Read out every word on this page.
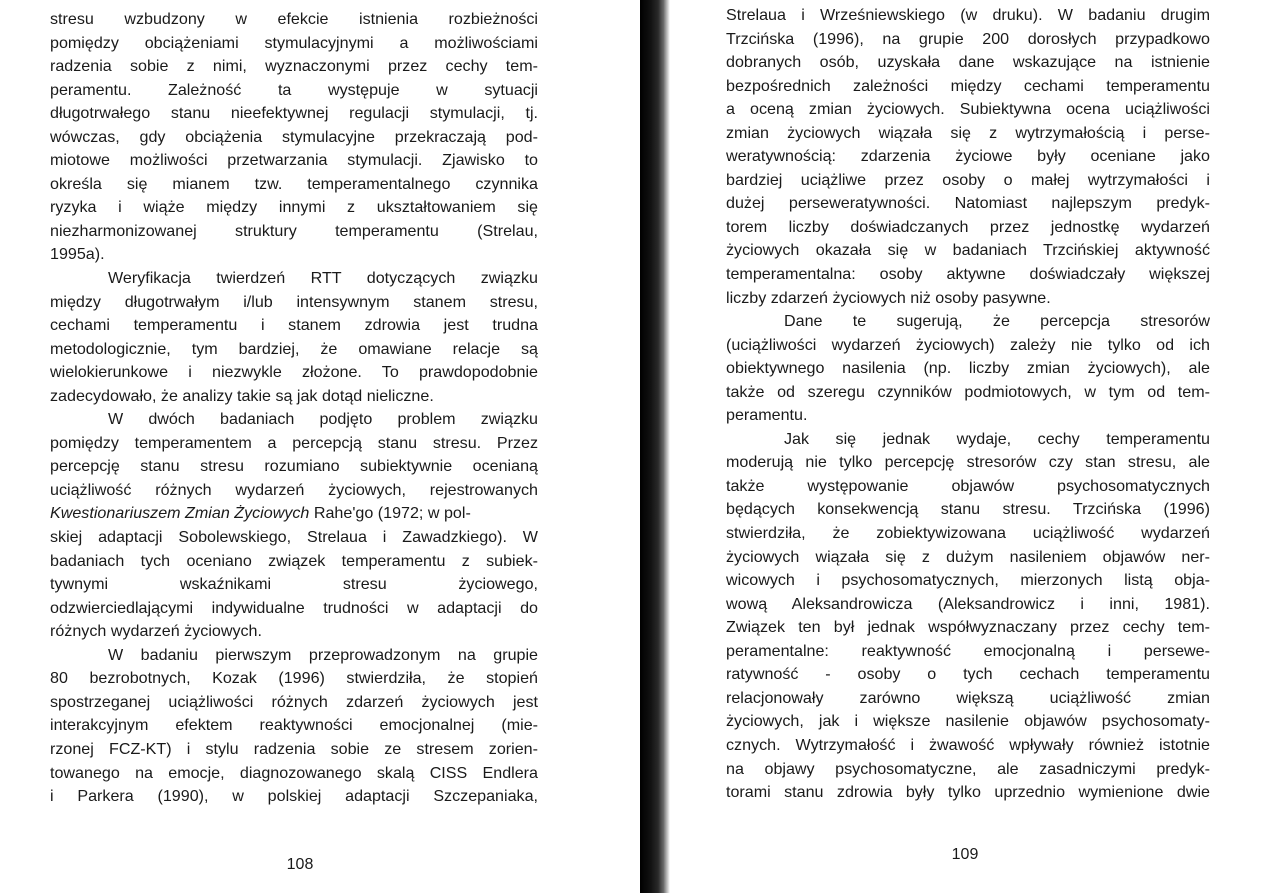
stresu wzbudzony w efekcie istnienia rozbieżności
pomiędzy obciążeniami stymulacyjnymi a możliwościami
radzenia sobie z nimi, wyznaczonymi przez cechy tem-
peramentu. Zależność ta występuje w sytuacji
długotrwałego stanu nieefektywnej regulacji stymulacji, tj.
wówczas, gdy obciążenia stymulacyjne przekraczają pod-
miotowe możliwości przetwarzania stymulacji. Zjawisko to
określa się mianem tzw. temperamentalnego czynnika
ryzyka i wiąże między innymi z ukształtowaniem się
niezharmonizowanej struktury temperamentu (Strelau,
1995a).
Weryfikacja twierdzeń RTT dotyczących związku
między długotrwałym i/lub intensywnym stanem stresu,
cechami temperamentu i stanem zdrowia jest trudna
metodologicznie, tym bardziej, że omawiane relacje są
wielokierunkowe i niezwykle złożone. To prawdopodobnie
zadecydowało, że analizy takie są jak dotąd nieliczne.
W dwóch badaniach podjęto problem związku
pomiędzy temperamentem a percepcją stanu stresu. Przez
percepcję stanu stresu rozumiano subiektywnie ocenianą
uciążliwość różnych wydarzeń życiowych, rejestrowanych
Kwestionariuszem Zmian Życiowych Rahe'go (1972; w pol-
skiej adaptacji Sobolewskiego, Strelaua i Zawadzkiego). W
badaniach tych oceniano związek temperamentu z subiek-
tywnymi wskaźnikami stresu życiowego,
odzwierciedlającymi indywidualne trudności w adaptacji do
różnych wydarzeń życiowych.
W badaniu pierwszym przeprowadzonym na grupie
80 bezrobotnych, Kozak (1996) stwierdziła, że stopień
spostrzeganej uciążliwości różnych zdarzeń życiowych jest
interakcyjnym efektem reaktywności emocjonalnej (mie-
rzonej FCZ-KT) i stylu radzenia sobie ze stresem zorien-
towanego na emocje, diagnozowanego skalą CISS Endlera
i Parkera (1990), w polskiej adaptacji Szczepaniaka,
108
Strelaua i Wrześniewskiego (w druku). W badaniu drugim
Trzcińska (1996), na grupie 200 dorosłych przypadkowo
dobranych osób, uzyskała dane wskazujące na istnienie
bezpośrednich zależności między cechami temperamentu
a oceną zmian życiowych. Subiektywna ocena uciążliwości
zmian życiowych wiązała się z wytrzymałością i perse-
weratywnością: zdarzenia życiowe były oceniane jako
bardziej uciążliwe przez osoby o małej wytrzymałości i
dużej perseweratywności. Natomiast najlepszym predyk-
torem liczby doświadczanych przez jednostkę wydarzeń
życiowych okazała się w badaniach Trzcińskiej aktywność
temperamentalna: osoby aktywne doświadczały większej
liczby zdarzeń życiowych niż osoby pasywne.
Dane te sugerują, że percepcja stresorów
(uciążliwości wydarzeń życiowych) zależy nie tylko od ich
obiektywnego nasilenia (np. liczby zmian życiowych), ale
także od szeregu czynników podmiotowych, w tym od tem-
peramentu.
Jak się jednak wydaje, cechy temperamentu
moderują nie tylko percepcję stresorów czy stan stresu, ale
także występowanie objawów psychosomatycznych
będących konsekwencją stanu stresu. Trzcińska (1996)
stwierdziła, że zobiektywizowana uciążliwość wydarzeń
życiowych wiązała się z dużym nasileniem objawów ner-
wicowych i psychosomatycznych, mierzonych listą obja-
wową Aleksandrowicza (Aleksandrowicz i inni, 1981).
Związek ten był jednak współwyznaczany przez cechy tem-
peramentalne: reaktywność emocjonalną i persewe-
ratywność - osoby o tych cechach temperamentu
relacjonowały zarówno większą uciążliwość zmian
życiowych, jak i większe nasilenie objawów psychosomaty-
cznych. Wytrzymałość i żwawość wpływały również istotnie
na objawy psychosomatyczne, ale zasadniczymi predyk-
torami stanu zdrowia były tylko uprzednio wymienione dwie
109
